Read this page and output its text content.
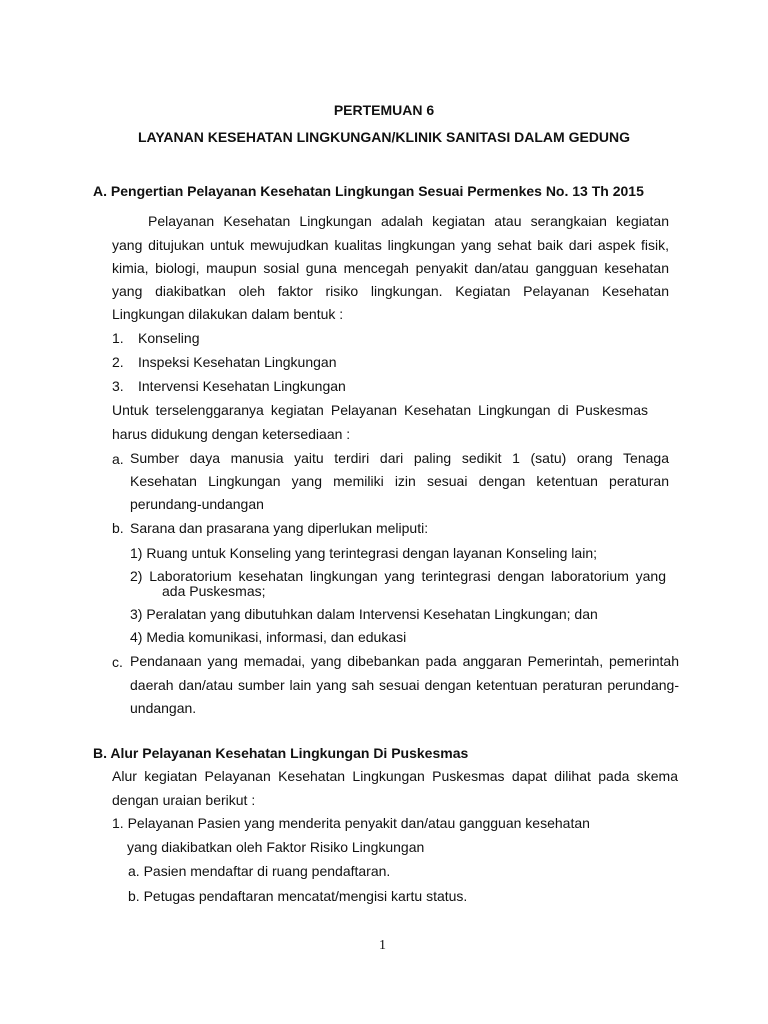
PERTEMUAN 6
LAYANAN KESEHATAN LINGKUNGAN/KLINIK SANITASI DALAM GEDUNG
A. Pengertian Pelayanan Kesehatan Lingkungan Sesuai Permenkes No. 13 Th 2015
Pelayanan Kesehatan Lingkungan adalah kegiatan atau serangkaian kegiatan
yang ditujukan untuk mewujudkan kualitas lingkungan yang sehat baik dari aspek fisik,
kimia, biologi, maupun sosial guna mencegah penyakit dan/atau gangguan kesehatan
yang diakibatkan oleh faktor risiko lingkungan. Kegiatan Pelayanan Kesehatan
Lingkungan dilakukan dalam bentuk :
1. Konseling
2. Inspeksi Kesehatan Lingkungan
3. Intervensi Kesehatan Lingkungan
Untuk terselenggaranya kegiatan Pelayanan Kesehatan Lingkungan di Puskesmas
harus didukung dengan ketersediaan :
a. Sumber daya manusia yaitu terdiri dari paling sedikit 1 (satu) orang Tenaga
Kesehatan Lingkungan yang memiliki izin sesuai dengan ketentuan peraturan
perundang-undangan
b. Sarana dan prasarana yang diperlukan meliputi:
1) Ruang untuk Konseling yang terintegrasi dengan layanan Konseling lain;
2) Laboratorium kesehatan lingkungan yang terintegrasi dengan laboratorium yang
ada Puskesmas;
3) Peralatan yang dibutuhkan dalam Intervensi Kesehatan Lingkungan; dan
4) Media komunikasi, informasi, dan edukasi
c. Pendanaan yang memadai, yang dibebankan pada anggaran Pemerintah, pemerintah
daerah dan/atau sumber lain yang sah sesuai dengan ketentuan peraturan perundang-
undangan.
B. Alur Pelayanan Kesehatan Lingkungan Di Puskesmas
Alur kegiatan Pelayanan Kesehatan Lingkungan Puskesmas dapat dilihat pada skema
dengan uraian berikut :
1. Pelayanan Pasien yang menderita penyakit dan/atau gangguan kesehatan
yang diakibatkan oleh Faktor Risiko Lingkungan
a. Pasien mendaftar di ruang pendaftaran.
b. Petugas pendaftaran mencatat/mengisi kartu status.
1
